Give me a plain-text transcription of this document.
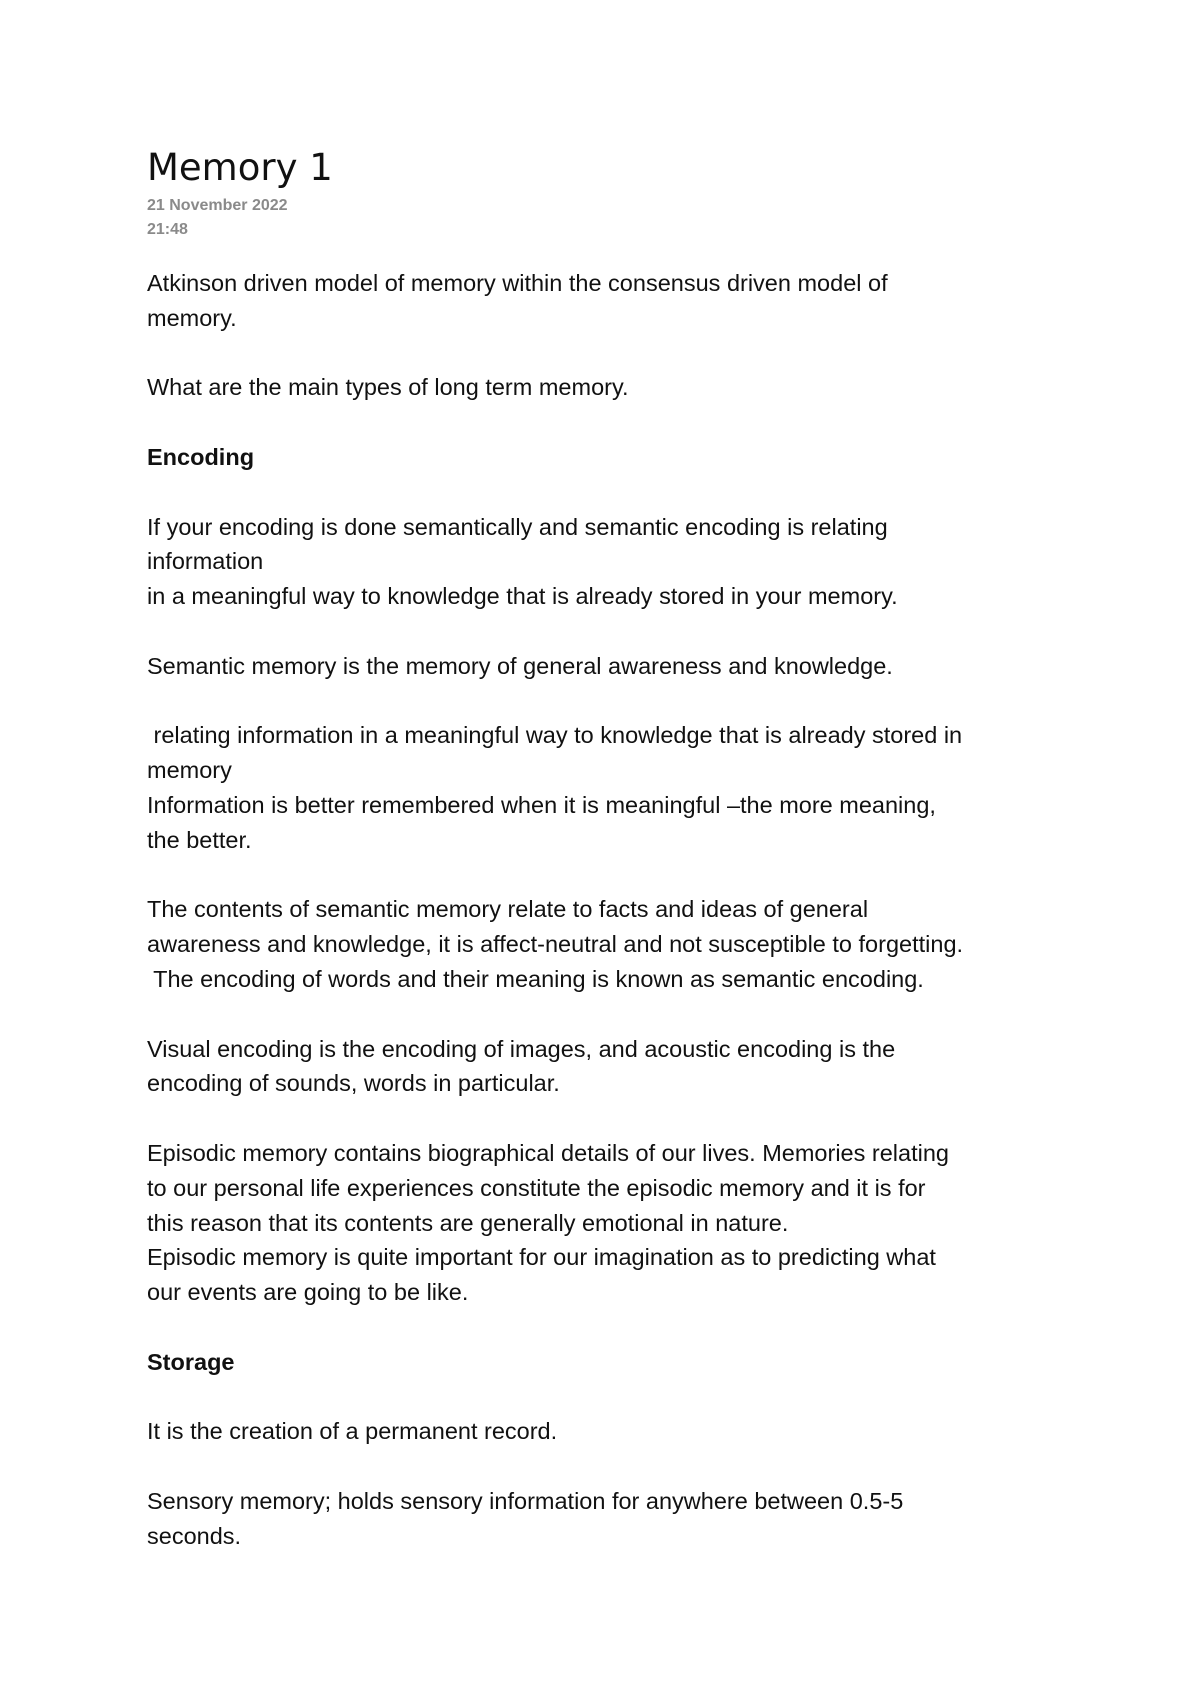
Memory 1
21 November 2022
21:48

Atkinson driven model of memory within the consensus driven model of
memory.

What are the main types of long term memory.

Encoding

If your encoding is done semantically and semantic encoding is relating
information
in a meaningful way to knowledge that is already stored in your memory.

Semantic memory is the memory of general awareness and knowledge.

relating information in a meaningful way to knowledge that is already stored in
memory
Information is better remembered when it is meaningful –the more meaning,
the better.

The contents of semantic memory relate to facts and ideas of general
awareness and knowledge, it is affect-neutral and not susceptible to forgetting.
The encoding of words and their meaning is known as semantic encoding.

Visual encoding is the encoding of images, and acoustic encoding is the
encoding of sounds, words in particular.

Episodic memory contains biographical details of our lives. Memories relating
to our personal life experiences constitute the episodic memory and it is for
this reason that its contents are generally emotional in nature.
Episodic memory is quite important for our imagination as to predicting what
our events are going to be like.

Storage

It is the creation of a permanent record.

Sensory memory; holds sensory information for anywhere between 0.5-5
seconds.
